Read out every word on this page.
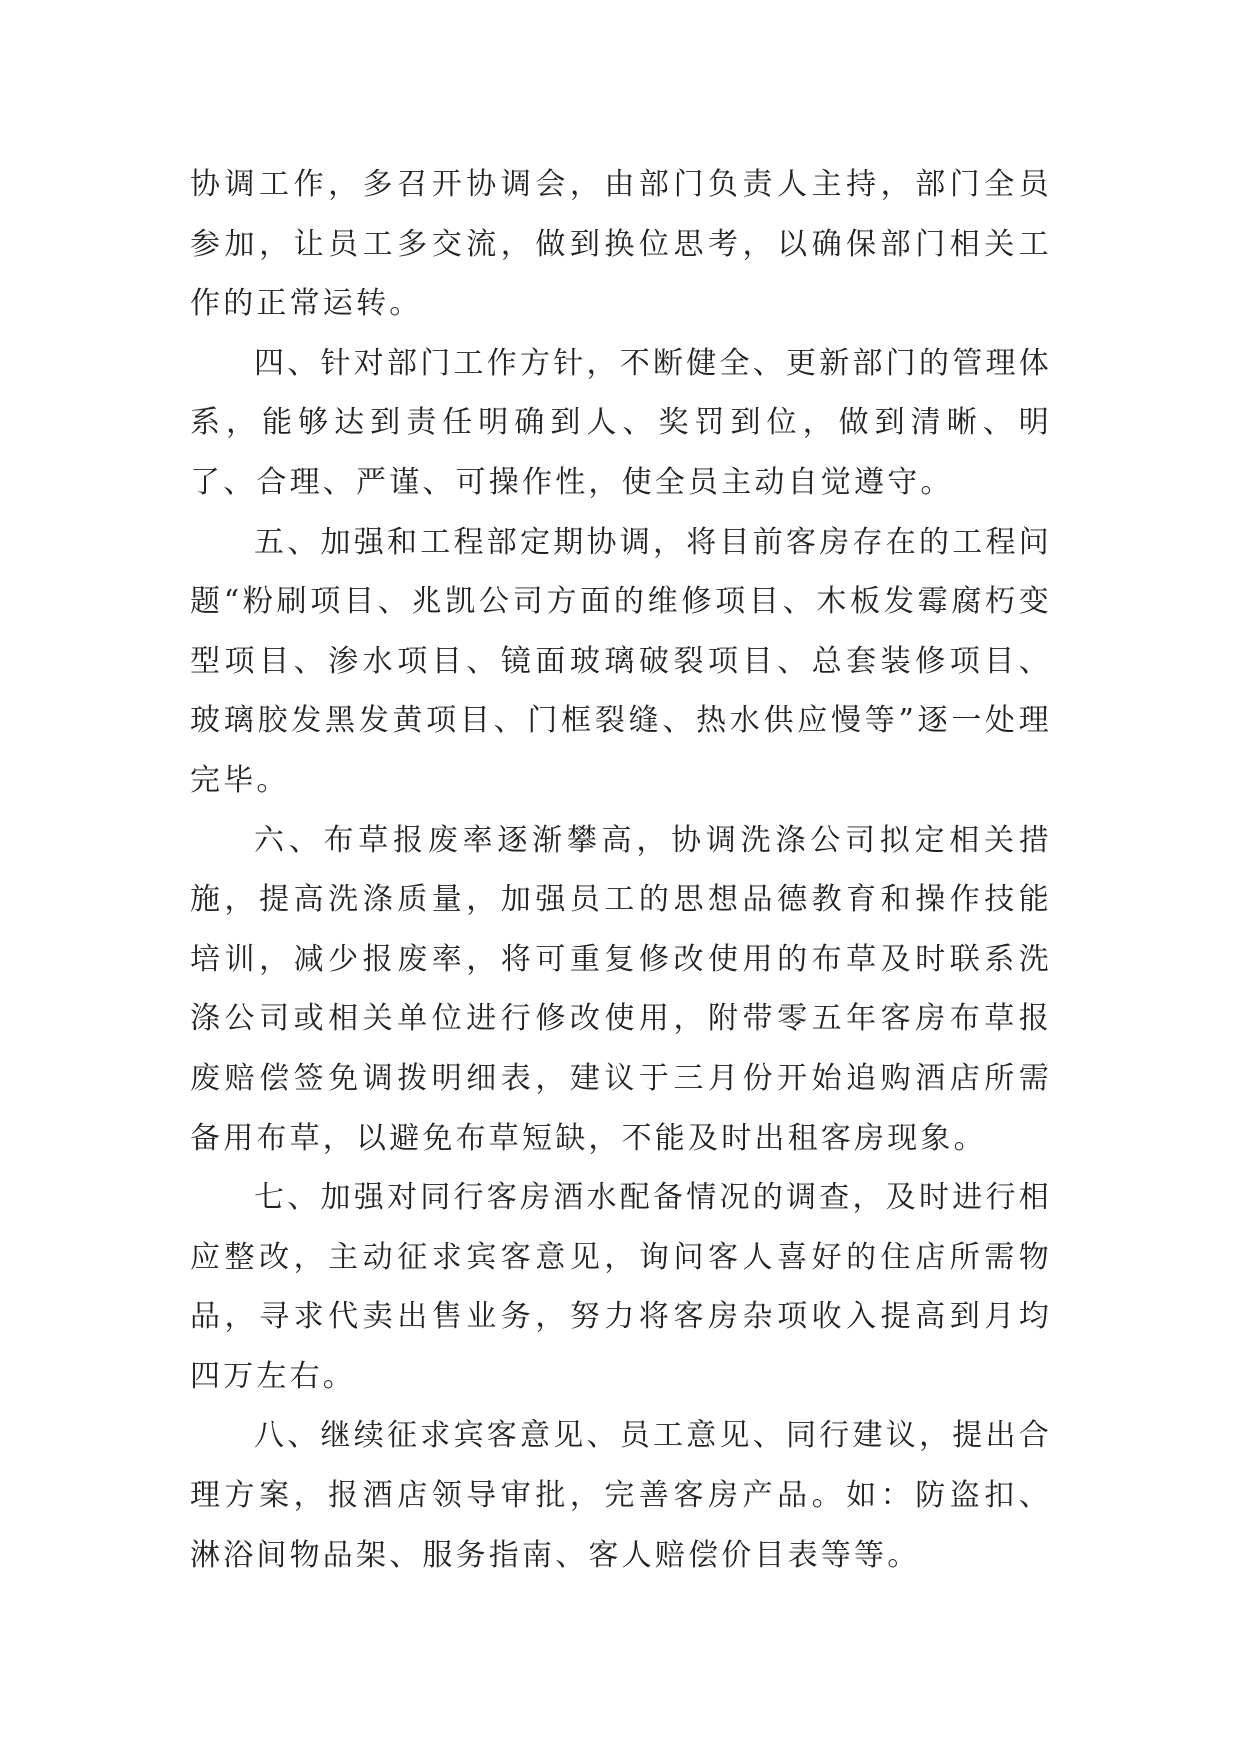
协调工作，多召开协调会，由部门负责人主持，部门全员参加，让员工多交流，做到换位思考，以确保部门相关工作的正常运转。

四、针对部门工作方针，不断健全、更新部门的管理体系，能够达到责任明确到人、奖罚到位，做到清晰、明了、合理、严谨、可操作性，使全员主动自觉遵守。

五、加强和工程部定期协调，将目前客房存在的工程问题“粉刷项目、兆凯公司方面的维修项目、木板发霉腐朽变型项目、渗水项目、镜面玻璃破裂项目、总套装修项目、玻璃胶发黑发黄项目、门框裂缝、热水供应慢等”逐一处理完毕。

六、布草报废率逐渐攀高，协调洗涤公司拟定相关措施，提高洗涤质量，加强员工的思想品德教育和操作技能培训，减少报废率，将可重复修改使用的布草及时联系洗涤公司或相关单位进行修改使用，附带零五年客房布草报废赔偿签免调拨明细表，建议于三月份开始追购酒店所需备用布草，以避免布草短缺，不能及时出租客房现象。

七、加强对同行客房酒水配备情况的调查，及时进行相应整改，主动征求宾客意见，询问客人喜好的住店所需物品，寻求代卖出售业务，努力将客房杂项收入提高到月均四万左右。

八、继续征求宾客意见、员工意见、同行建议，提出合理方案，报酒店领导审批，完善客房产品。如：防盗扣、淋浴间物品架、服务指南、客人赔偿价目表等等。
